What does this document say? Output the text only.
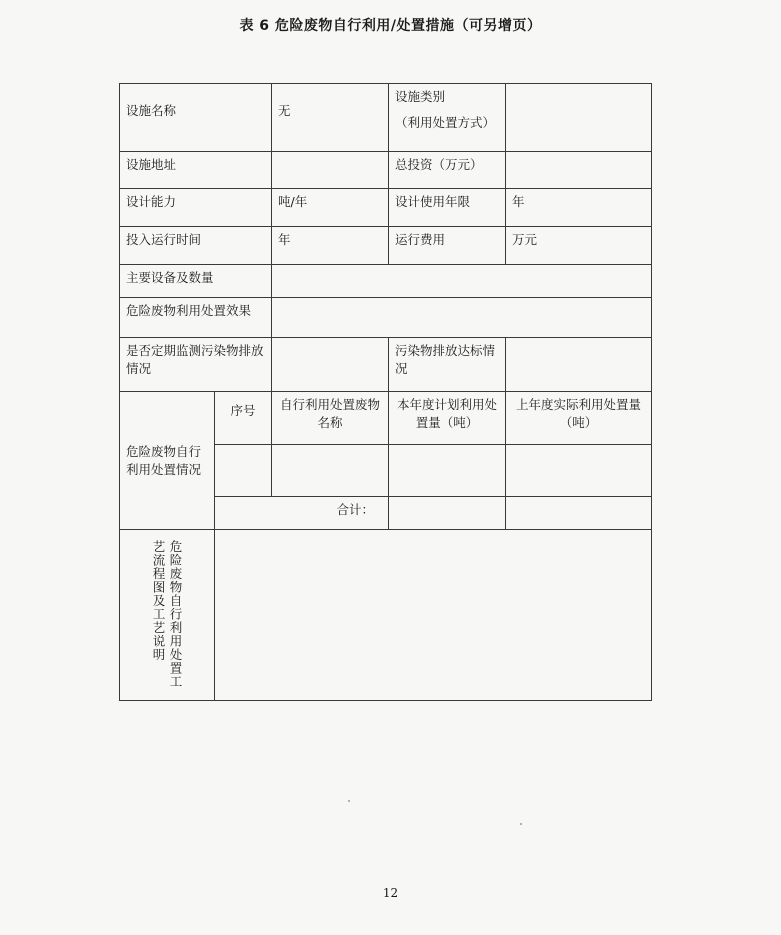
表 6 危险废物自行利用/处置措施（可另增页）
设施名称		无	设施类别
（利用处置方式）	

设施地址			总投资（万元）	
设计能力		吨/年	设计使用年限	年
投入运行时间		年	运行费用	万元
主要设备及数量				
危险废物利用处置效果				
是否定期监测污染物排放情况			污染物排放达标情况	
危险废物自行利用处置情况	序号	自行利用处置废物名称	本年度计划利用处置量（吨）	上年度实际利用处置量（吨）

	合计：			

危险废物自行利用处置工艺流程图及工艺说明				

12
